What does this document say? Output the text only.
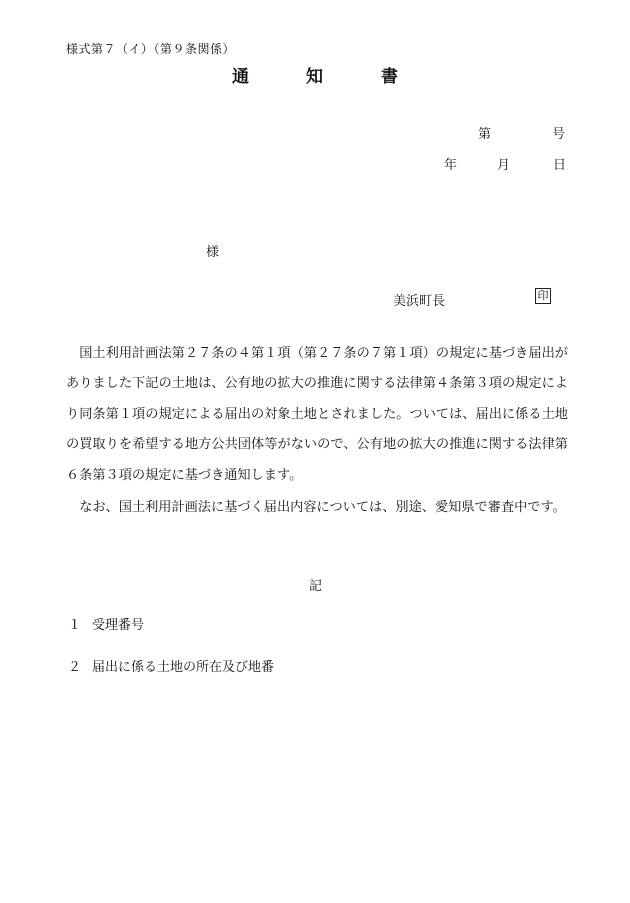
様式第７（イ）（第９条関係）
通	知	書
第	号
年	月	日
様
美浜町長	印

国土利用計画法第２７条の４第１項（第２７条の７第１項）の規定に基づき届出がありました下記の土地は、公有地の拡大の推進に関する法律第４条第３項の規定により同条第１項の規定による届出の対象土地とされました。ついては、届出に係る土地の買取りを希望する地方公共団体等がないので、公有地の拡大の推進に関する法律第６条第３項の規定に基づき通知します。

なお、国土利用計画法に基づく届出内容については、別途、愛知県で審査中です。

記
１ 受理番号
２ 届出に係る土地の所在及び地番
